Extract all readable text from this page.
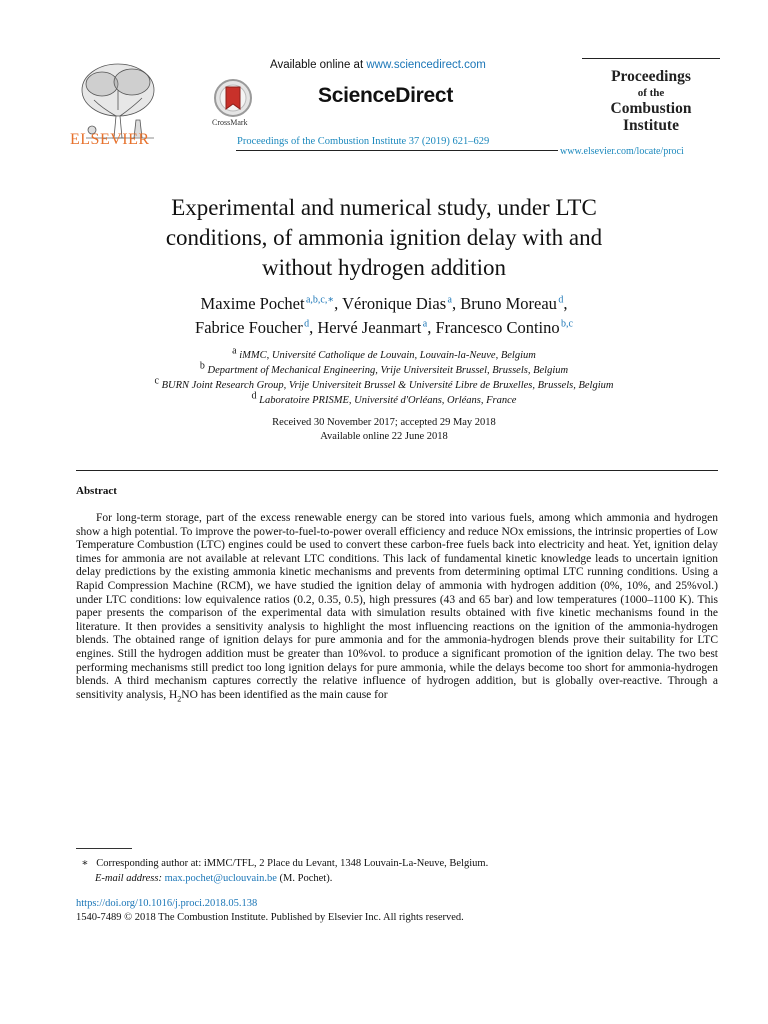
ELSEVIER
CrossMark
Available online at www.sciencedirect.com
ScienceDirect
Proceedings of the Combustion Institute 37 (2019) 621–629
Proceedings
of the
Combustion
Institute
www.elsevier.com/locate/proci
Experimental and numerical study, under LTC
conditions, of ammonia ignition delay with and
without hydrogen addition
Maxime Pochet $^{a,b,c,∗}$, Véronique Dias $^a$, Bruno Moreau $^d$,
Fabrice Foucher $^d$, Hervé Jeanmart $^a$, Francesco Contino $^{b,c}$
$^a$ iMMC, Université Catholique de Louvain, Louvain-la-Neuve, Belgium
$^b$ Department of Mechanical Engineering, Vrije Universiteit Brussel, Brussels, Belgium
$^c$ BURN Joint Research Group, Vrije Universiteit Brussel & Université Libre de Bruxelles, Brussels, Belgium
$^d$ Laboratoire PRISME, Université d'Orléans, Orléans, France
Received 30 November 2017; accepted 29 May 2018
Available online 22 June 2018
Abstract

For long-term storage, part of the excess renewable energy can be stored into various fuels, among which ammonia and hydrogen show a high potential. To improve the power-to-fuel-to-power overall efficiency and reduce NOx emissions, the intrinsic properties of Low Temperature Combustion (LTC) engines could be used to convert these carbon-free fuels back into electricity and heat. Yet, ignition delay times for ammonia are not available at relevant LTC conditions. This lack of fundamental kinetic knowledge leads to uncertain ignition delay predictions by the existing ammonia kinetic mechanisms and prevents from determining optimal LTC running conditions. Using a Rapid Compression Machine (RCM), we have studied the ignition delay of ammonia with hydrogen addition (0%, 10%, and 25%vol.) under LTC conditions: low equivalence ratios (0.2, 0.35, 0.5), high pressures (43 and 65 bar) and low temperatures (1000–1100 K). This paper presents the comparison of the experimental data with simulation results obtained with five kinetic mechanisms found in the literature. It then provides a sensitivity analysis to highlight the most influencing reactions on the ignition of the ammonia-hydrogen blends. The obtained range of ignition delays for pure ammonia and for the ammonia-hydrogen blends prove their suitability for LTC engines. Still the hydrogen addition must be greater than 10%vol. to produce a significant promotion of the ignition delay. The two best performing mechanisms still predict too long ignition delays for pure ammonia, while the delays become too short for ammonia-hydrogen blends. A third mechanism captures correctly the relative influence of hydrogen addition, but is globally over-reactive. Through a sensitivity analysis, $H_2NO$ has been identified as the main cause for

∗ Corresponding author at: iMMC/TFL, 2 Place du Levant, 1348 Louvain-La-Neuve, Belgium.
E-mail address: max.pochet@uclouvain.be (M. Pochet).
https://doi.org/10.1016/j.proci.2018.05.138
1540-7489 © 2018 The Combustion Institute. Published by Elsevier Inc. All rights reserved.
